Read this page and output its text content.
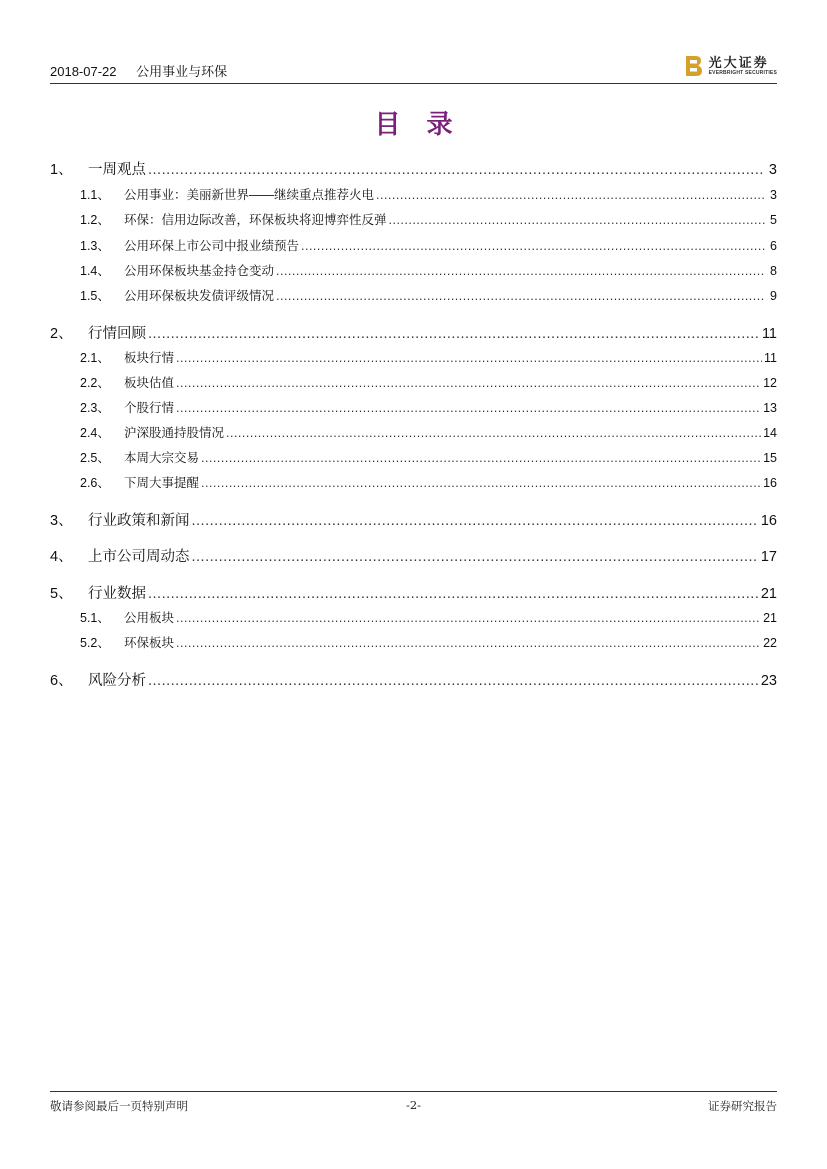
2018-07-22 公用事业与环保
光大证券
EVERBRIGHT SECURITIES
目录
1、	一周观点 .....	3
1.1、	公用事业：美丽新世界——继续重点推荐火电 .....	3
1.2、	环保：信用边际改善，环保板块将迎博弈性反弹 .....	5
1.3、	公用环保上市公司中报业绩预告 .....	6
1.4、	公用环保板块基金持仓变动 .....	8
1.5、	公用环保板块发债评级情况 .....	9
2、	行情回顾 .....	11
2.1、	板块行情 .....	11
2.2、	板块估值 .....	12
2.3、	个股行情 .....	13
2.4、	沪深股通持股情况 .....	14
2.5、	本周大宗交易 .....	15
2.6、	下周大事提醒 .....	16
3、	行业政策和新闻 .....	16
4、	上市公司周动态 .....	17
5、	行业数据 .....	21
5.1、	公用板块 .....	21
5.2、	环保板块 .....	22
6、	风险分析 .....	23
敬请参阅最后一页特别声明	-2-	证券研究报告
